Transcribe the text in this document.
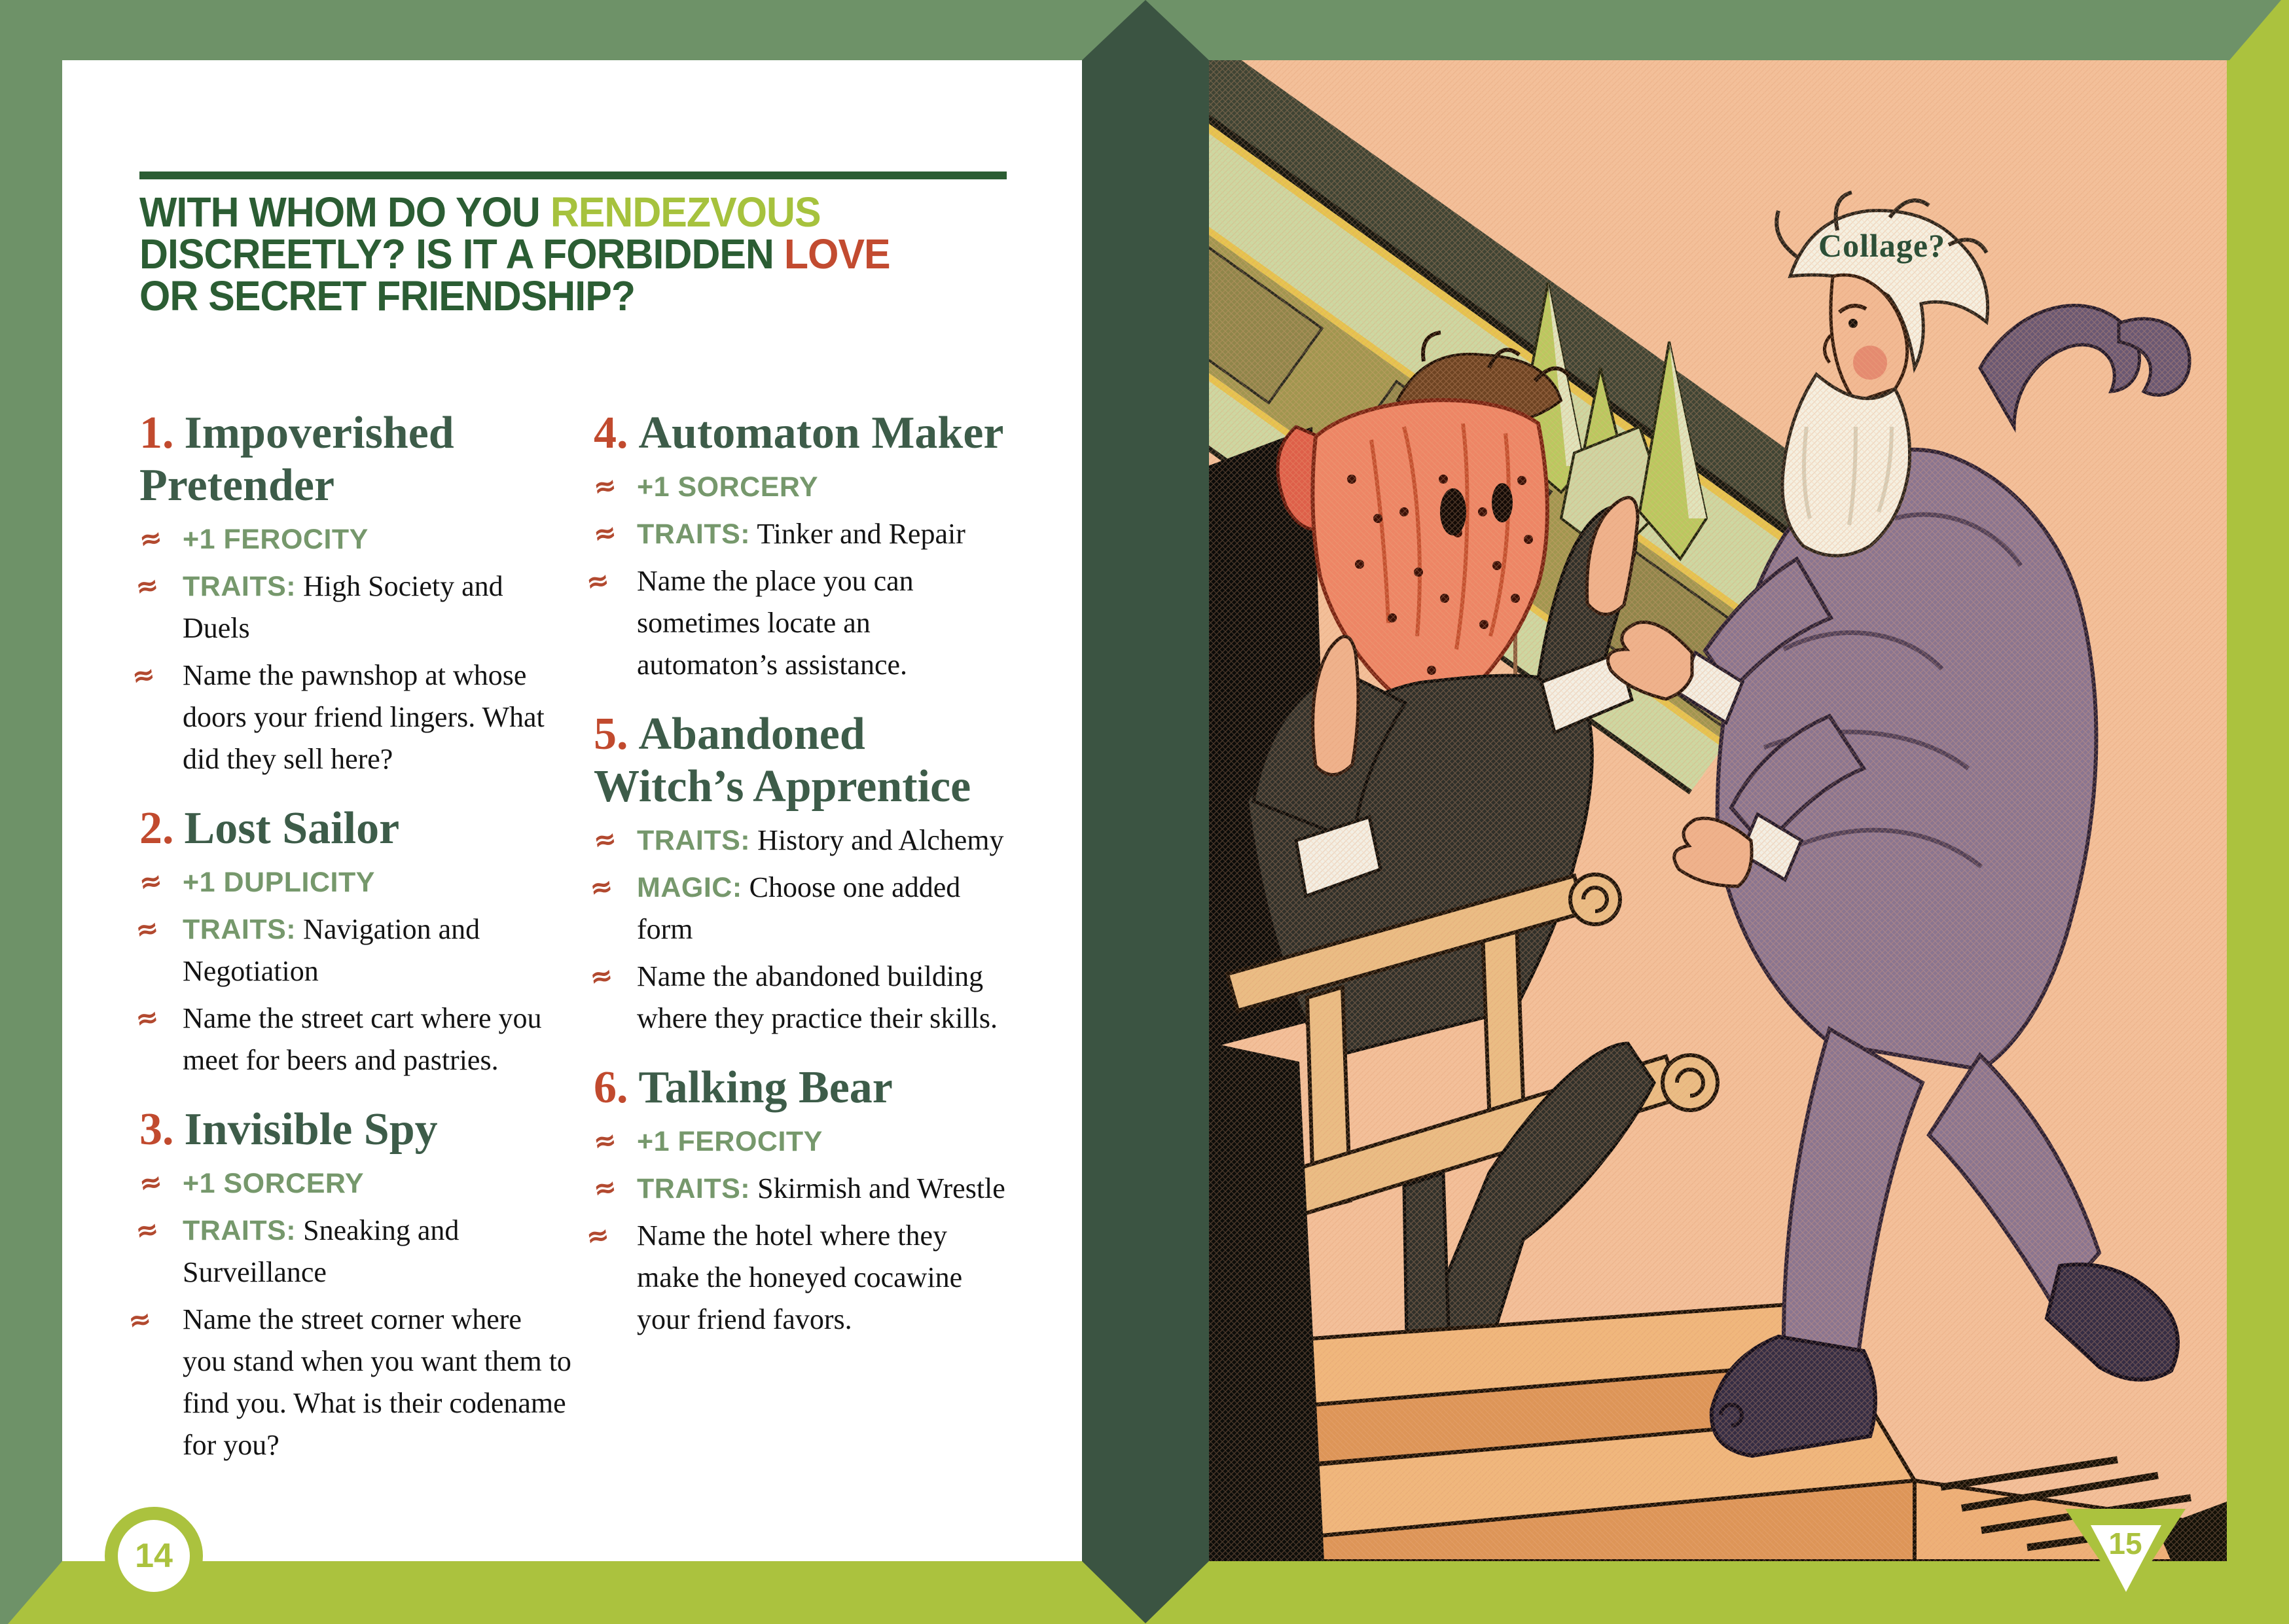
WITH WHOM DO YOU RENDEZVOUS
DISCREETLY? IS IT A FORBIDDEN LOVE
OR SECRET FRIENDSHIP?
1. Impoverished Pretender
≈ +1 FEROCITY
≈ TRAITS: High Society and Duels
≈ Name the pawnshop at whose doors your friend lingers. What did they sell here?
2. Lost Sailor
≈ +1 DUPLICITY
≈ TRAITS: Navigation and Negotiation
≈ Name the street cart where you meet for beers and pastries.
3. Invisible Spy
≈ +1 SORCERY
≈ TRAITS: Sneaking and Surveillance
≈ Name the street corner where you stand when you want them to find you. What is their codename for you?
4. Automaton Maker
≈ +1 SORCERY
≈ TRAITS: Tinker and Repair
≈ Name the place you can sometimes locate an automaton’s assistance.
5. Abandoned Witch’s Apprentice
≈ TRAITS: History and Alchemy
≈ MAGIC: Choose one added form
≈ Name the abandoned building where they practice their skills.
6. Talking Bear
≈ +1 FEROCITY
≈ TRAITS: Skirmish and Wrestle
≈ Name the hotel where they make the honeyed cocawine your friend favors.
Collage?
14	15
